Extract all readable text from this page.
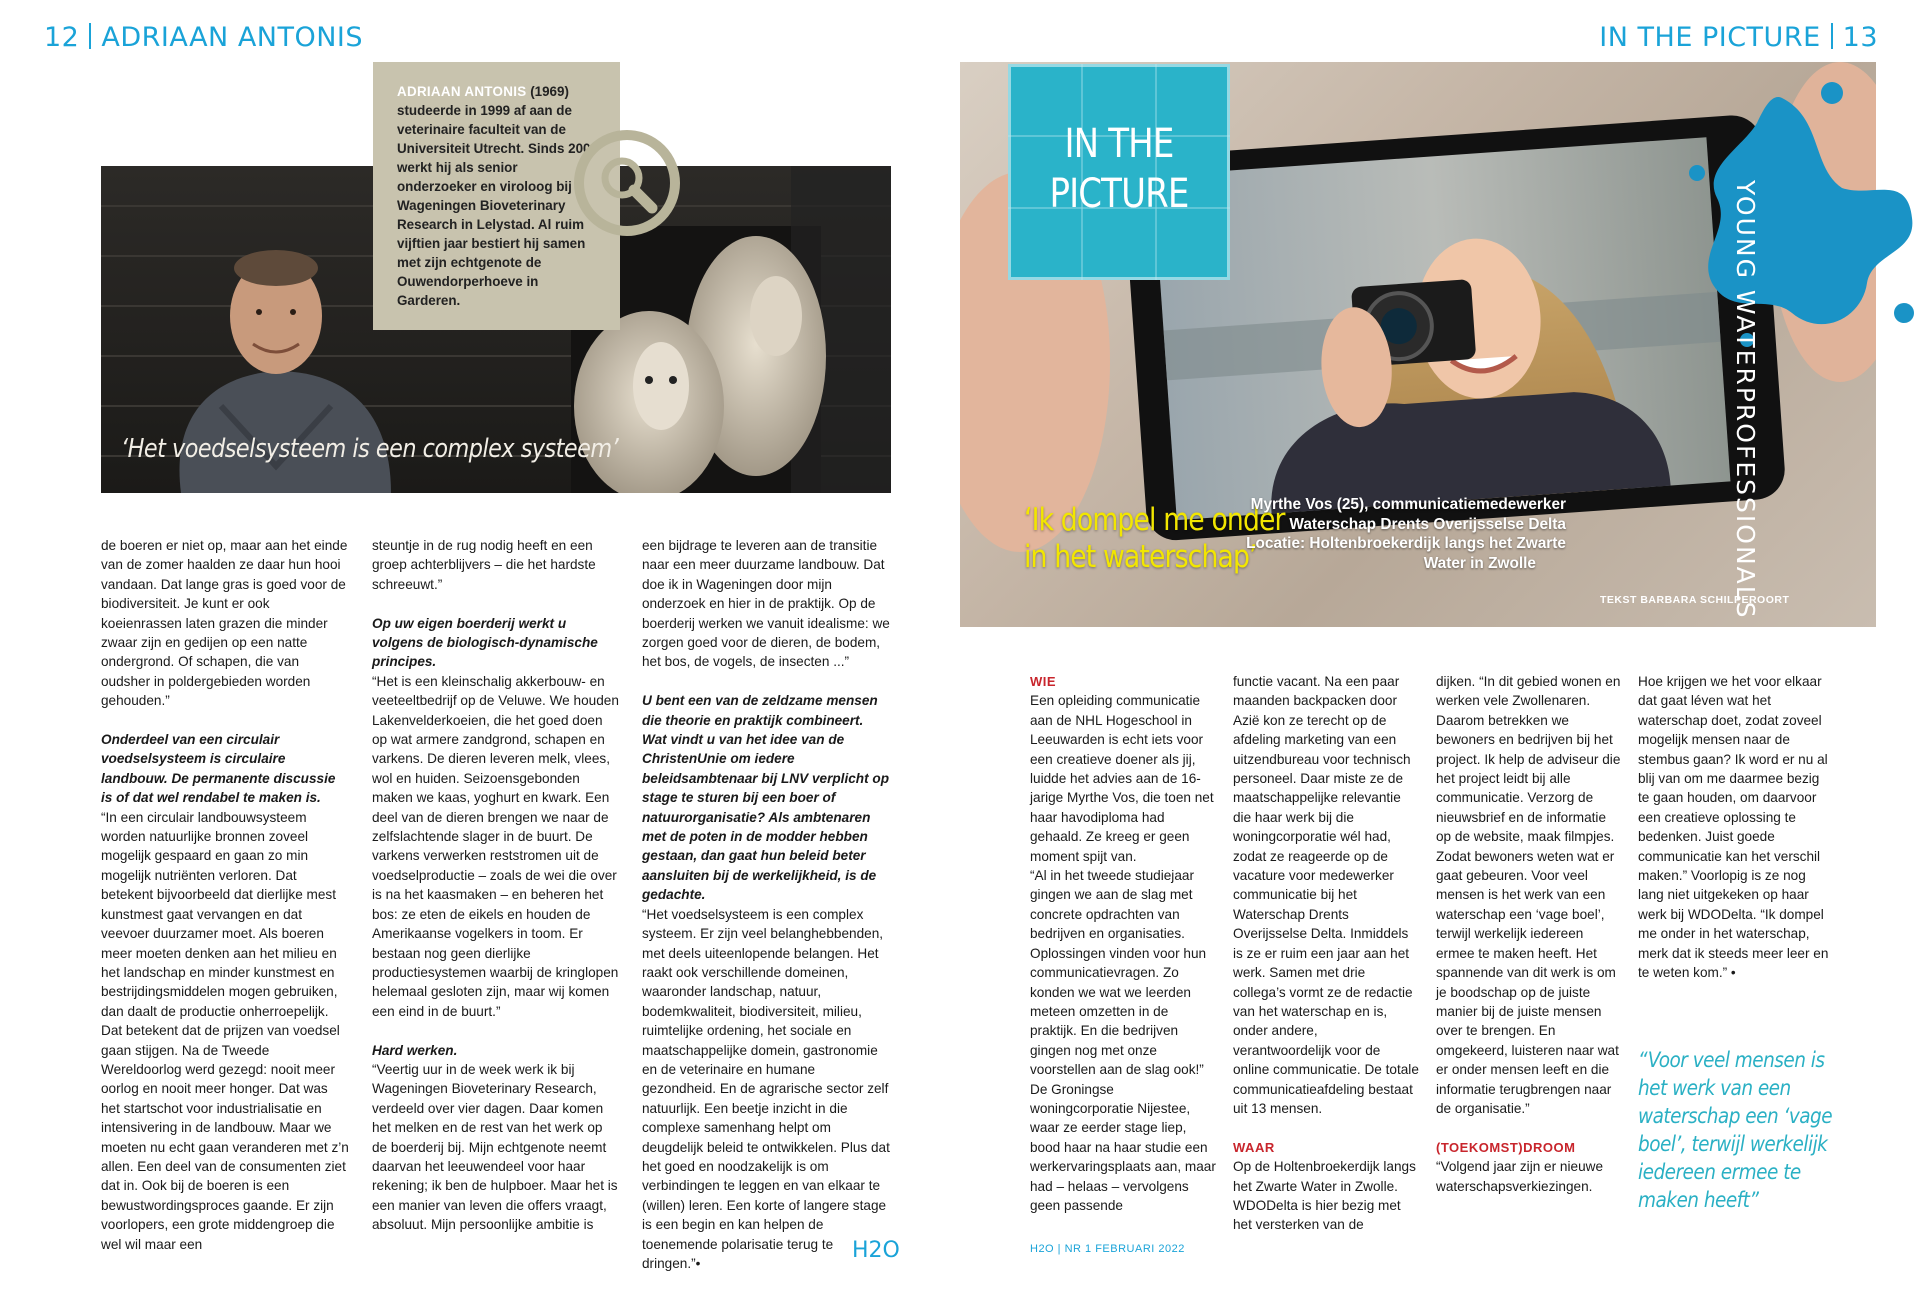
12 ADRIAAN ANTONIS
‘Het voedselsysteem is een complex systeem’
ADRIAAN ANTONIS (1969) studeerde in 1999 af aan de veterinaire faculteit van de Universiteit Utrecht. Sinds 2000 werkt hij als senior onderzoeker en viroloog bij Wageningen Bioveterinary Research in Lelystad. Al ruim vijftien jaar bestiert hij samen met zijn echtgenote de Ouwendorperhoeve in Garderen.

de boeren er niet op, maar aan het einde van de zomer haalden ze daar hun hooi vandaan. Dat lange gras is goed voor de biodiversiteit. Je kunt er ook koeienrassen laten grazen die minder zwaar zijn en gedijen op een natte ondergrond. Of schapen, die van oudsher in poldergebieden worden gehouden.”

Onderdeel van een circulair voedselsysteem is circulaire landbouw. De permanente discussie is of dat wel rendabel te maken is.

“In een circulair landbouwsysteem worden natuurlijke bronnen zoveel mogelijk gespaard en gaan zo min mogelijk nutriënten verloren. Dat betekent bijvoorbeeld dat dierlijke mest kunstmest gaat vervangen en dat veevoer duurzamer moet. Als boeren meer moeten denken aan het milieu en het landschap en minder kunstmest en bestrijdingsmiddelen mogen gebruiken, dan daalt de productie onherroepelijk. Dat betekent dat de prijzen van voedsel gaan stijgen. Na de Tweede Wereldoorlog werd gezegd: nooit meer oorlog en nooit meer honger. Dat was het startschot voor industrialisatie en intensivering in de landbouw. Maar we moeten nu echt gaan veranderen met z’n allen. Een deel van de consumenten ziet dat in. Ook bij de boeren is een bewustwordingsproces gaande. Er zijn voorlopers, een grote middengroep die wel wil maar een

steuntje in de rug nodig heeft en een groep achterblijvers – die het hardste schreeuwt.”

Op uw eigen boerderij werkt u volgens de biologisch-dynamische principes.

“Het is een kleinschalig akkerbouw- en veeteeltbedrijf op de Veluwe. We houden Lakenvelderkoeien, die het goed doen op wat armere zandgrond, schapen en varkens. De dieren leveren melk, vlees, wol en huiden. Seizoensgebonden maken we kaas, yoghurt en kwark. Een deel van de dieren brengen we naar de zelfslachtende slager in de buurt. De varkens verwerken reststromen uit de voedselproductie – zoals de wei die over is na het kaasmaken – en beheren het bos: ze eten de eikels en houden de Amerikaanse vogelkers in toom. Er bestaan nog geen dierlijke productiesystemen waarbij de kringlopen helemaal gesloten zijn, maar wij komen een eind in de buurt.”

Hard werken.

“Veertig uur in de week werk ik bij Wageningen Bioveterinary Research, verdeeld over vier dagen. Daar komen het melken en de rest van het werk op de boerderij bij. Mijn echtgenote neemt daarvan het leeuwendeel voor haar rekening; ik ben de hulpboer. Maar het is een manier van leven die offers vraagt, absoluut. Mijn persoonlijke ambitie is

een bijdrage te leveren aan de transitie naar een meer duurzame landbouw. Dat doe ik in Wageningen door mijn onderzoek en hier in de praktijk. Op de boerderij werken we vanuit idealisme: we zorgen goed voor de dieren, de bodem, het bos, de vogels, de insecten ...”

U bent een van de zeldzame mensen die theorie en praktijk combineert. Wat vindt u van het idee van de ChristenUnie om iedere beleidsambtenaar bij LNV verplicht op stage te sturen bij een boer of natuurorganisatie? Als ambtenaren met de poten in de modder hebben gestaan, dan gaat hun beleid beter aansluiten bij de werkelijkheid, is de gedachte.

“Het voedselsysteem is een complex systeem. Er zijn veel belanghebbenden, met deels uiteenlopende belangen. Het raakt ook verschillende domeinen, waaronder landschap, natuur, bodemkwaliteit, biodiversiteit, milieu, ruimtelijke ordening, het sociale en maatschappelijke domein, gastronomie en de veterinaire en humane gezondheid. En de agrarische sector zelf natuurlijk. Een beetje inzicht in die complexe samenhang helpt om deugdelijk beleid te ontwikkelen. Plus dat het goed en noodzakelijk is om verbindingen te leggen en van elkaar te (willen) leren. Een korte of langere stage is een begin en kan helpen de toenemende polarisatie terug te dringen.”•

H2O
IN THE PICTURE 13
IN THE
PICTURE	YOUNG WATERPROFESSIONALS
‘Ik dompel me onder
in het waterschap’
Myrthe Vos (25), communicatiemedewerker
Waterschap Drents Overijsselse Delta
Locatie: Holtenbroekerdijk langs het Zwarte
Water in Zwolle
TEKST BARBARA SCHILPEROORT
WIE

Een opleiding communicatie aan de NHL Hogeschool in Leeuwarden is echt iets voor een creatieve doener als jij, luidde het advies aan de 16-jarige Myrthe Vos, die toen net haar havodiploma had gehaald. Ze kreeg er geen moment spijt van.

“Al in het tweede studiejaar gingen we aan de slag met concrete opdrachten van bedrijven en organisaties. Oplossingen vinden voor hun communicatievragen. Zo konden we wat we leerden meteen omzetten in de praktijk. En die bedrijven gingen nog met onze voorstellen aan de slag ook!” De Groningse woningcorporatie Nijestee, waar ze eerder stage liep, bood haar na haar studie een werkervaringsplaats aan, maar had – helaas – vervolgens geen passende

functie vacant. Na een paar maanden backpacken door Azië kon ze terecht op de afdeling marketing van een uitzendbureau voor technisch personeel. Daar miste ze de maatschappelijke relevantie die haar werk bij die woningcorporatie wél had, zodat ze reageerde op de vacature voor medewerker communicatie bij het Waterschap Drents Overijsselse Delta. Inmiddels is ze er ruim een jaar aan het werk. Samen met drie collega’s vormt ze de redactie van het waterschap en is, onder andere, verantwoordelijk voor de online communicatie. De totale communicatieafdeling bestaat uit 13 mensen.

WAAR

Op de Holtenbroekerdijk langs het Zwarte Water in Zwolle. WDODelta is hier bezig met het versterken van de

dijken. “In dit gebied wonen en werken vele Zwollenaren. Daarom betrekken we bewoners en bedrijven bij het project. Ik help de adviseur die het project leidt bij alle communicatie. Verzorg de nieuwsbrief en de informatie op de website, maak filmpjes. Zodat bewoners weten wat er gaat gebeuren. Voor veel mensen is het werk van een waterschap een ‘vage boel’, terwijl werkelijk iedereen ermee te maken heeft. Het spannende van dit werk is om je boodschap op de juiste manier bij de juiste mensen over te brengen. En omgekeerd, luisteren naar wat er onder mensen leeft en die informatie terugbrengen naar de organisatie.”

(TOEKOMST)DROOM

“Volgend jaar zijn er nieuwe waterschapsverkiezingen.

Hoe krijgen we het voor elkaar dat gaat léven wat het waterschap doet, zodat zoveel mogelijk mensen naar de stembus gaan? Ik word er nu al blij van om me daarmee bezig te gaan houden, om daarvoor een creatieve oplossing te bedenken. Juist goede communicatie kan het verschil maken.” Voorlopig is ze nog lang niet uitgekeken op haar werk bij WDODelta. “Ik dompel me onder in het waterschap, merk dat ik steeds meer leer en te weten kom.” •

“Voor veel mensen is het werk van een waterschap een ‘vage boel’, terwijl werkelijk iedereen ermee te maken heeft”
H2O | NR 1 FEBRUARI 2022
